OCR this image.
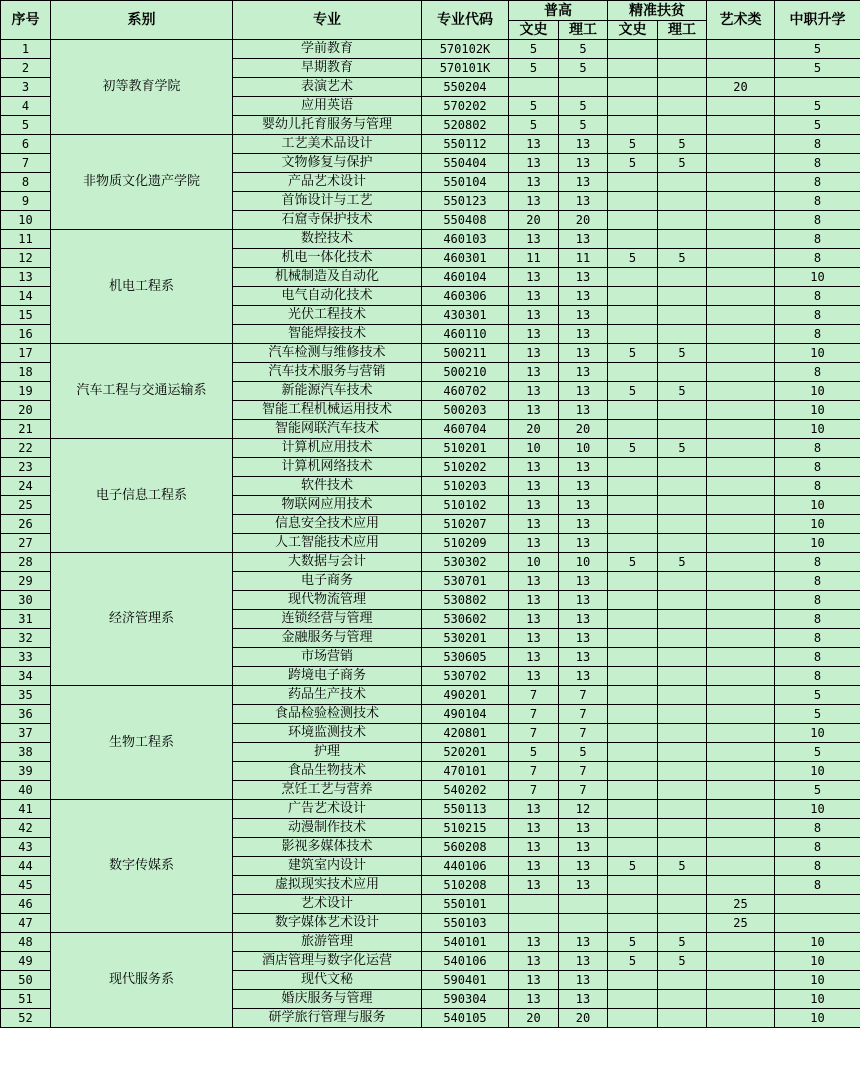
序号	系别	专业	专业代码	普高		精准扶贫		艺术类	中职升学
				文史	理工	文史	理工		
1	初等教育学院	学前教育	570102K	5	5				5
2		早期教育	570101K	5	5				5
3		表演艺术	550204					20	
4		应用英语	570202	5	5				5
5		婴幼儿托育服务与管理	520802	5	5				5
6	非物质文化遗产学院	工艺美术品设计	550112	13	13	5	5		8
7		文物修复与保护	550404	13	13	5	5		8
8		产品艺术设计	550104	13	13				8
9		首饰设计与工艺	550123	13	13				8
10		石窟寺保护技术	550408	20	20				8
11	机电工程系	数控技术	460103	13	13				8
12		机电一体化技术	460301	11	11	5	5		8
13		机械制造及自动化	460104	13	13				10
14		电气自动化技术	460306	13	13				8
15		光伏工程技术	430301	13	13				8
16		智能焊接技术	460110	13	13				8
17	汽车工程与交通运输系	汽车检测与维修技术	500211	13	13	5	5		10
18		汽车技术服务与营销	500210	13	13				8
19		新能源汽车技术	460702	13	13	5	5		10
20		智能工程机械运用技术	500203	13	13				10
21		智能网联汽车技术	460704	20	20				10
22	电子信息工程系	计算机应用技术	510201	10	10	5	5		8
23		计算机网络技术	510202	13	13				8
24		软件技术	510203	13	13				8
25		物联网应用技术	510102	13	13				10
26		信息安全技术应用	510207	13	13				10
27		人工智能技术应用	510209	13	13				10
28	经济管理系	大数据与会计	530302	10	10	5	5		8
29		电子商务	530701	13	13				8
30		现代物流管理	530802	13	13				8
31		连锁经营与管理	530602	13	13				8
32		金融服务与管理	530201	13	13				8
33		市场营销	530605	13	13				8
34		跨境电子商务	530702	13	13				8
35	生物工程系	药品生产技术	490201	7	7				5
36		食品检验检测技术	490104	7	7				5
37		环境监测技术	420801	7	7				10
38		护理	520201	5	5				5
39		食品生物技术	470101	7	7				10
40		烹饪工艺与营养	540202	7	7				5
41	数字传媒系	广告艺术设计	550113	13	12				10
42		动漫制作技术	510215	13	13				8
43		影视多媒体技术	560208	13	13				8
44		建筑室内设计	440106	13	13	5	5		8
45		虚拟现实技术应用	510208	13	13				8
46		艺术设计	550101					25	
47		数字媒体艺术设计	550103					25	
48	现代服务系	旅游管理	540101	13	13	5	5		10
49		酒店管理与数字化运营	540106	13	13	5	5		10
50		现代文秘	590401	13	13				10
51		婚庆服务与管理	590304	13	13				10
52		研学旅行管理与服务	540105	20	20				10
